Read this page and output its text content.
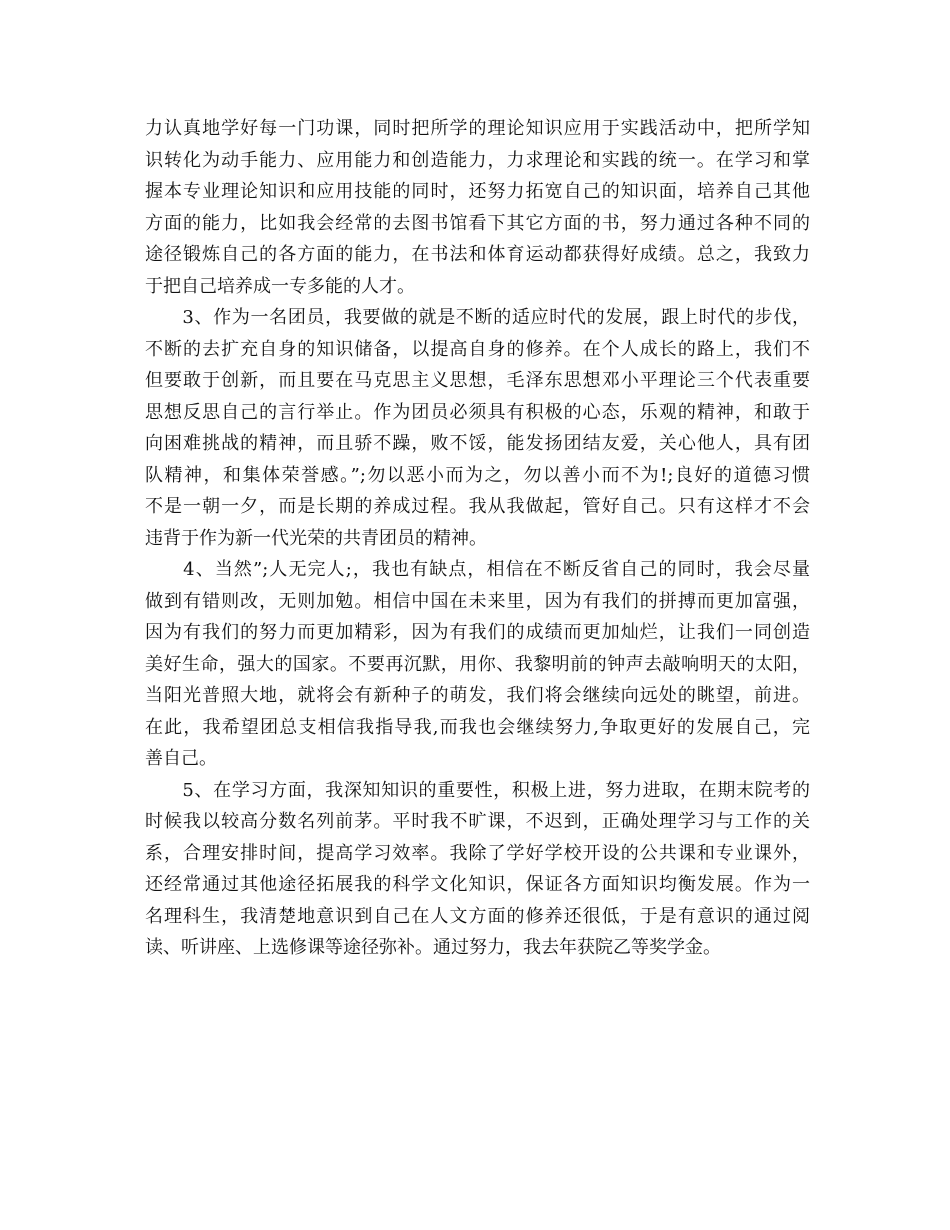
力认真地学好每一门功课，同时把所学的理论知识应用于实践活动中，把所学知
识转化为动手能力、应用能力和创造能力，力求理论和实践的统一。在学习和掌
握本专业理论知识和应用技能的同时，还努力拓宽自己的知识面，培养自己其他
方面的能力，比如我会经常的去图书馆看下其它方面的书，努力通过各种不同的
途径锻炼自己的各方面的能力，在书法和体育运动都获得好成绩。总之，我致力
于把自己培养成一专多能的人才。
　　3、作为一名团员，我要做的就是不断的适应时代的发展，跟上时代的步伐，
不断的去扩充自身的知识储备，以提高自身的修养。在个人成长的路上，我们不
但要敢于创新，而且要在马克思主义思想，毛泽东思想邓小平理论三个代表重要
思想反思自己的言行举止。作为团员必须具有积极的心态，乐观的精神，和敢于
向困难挑战的精神，而且骄不躁，败不馁，能发扬团结友爱，关心他人，具有团
队精神，和集体荣誉感。”;勿以恶小而为之，勿以善小而不为!;良好的道德习惯
不是一朝一夕，而是长期的养成过程。我从我做起，管好自己。只有这样才不会
违背于作为新一代光荣的共青团员的精神。
　　4、当然”;人无完人;，我也有缺点，相信在不断反省自己的同时，我会尽量
做到有错则改，无则加勉。相信中国在未来里，因为有我们的拼搏而更加富强，
因为有我们的努力而更加精彩，因为有我们的成绩而更加灿烂，让我们一同创造
美好生命，强大的国家。不要再沉默，用你、我黎明前的钟声去敲响明天的太阳，
当阳光普照大地，就将会有新种子的萌发，我们将会继续向远处的眺望，前进。
在此，我希望团总支相信我指导我,而我也会继续努力,争取更好的发展自己，完
善自己。
　　5、在学习方面，我深知知识的重要性，积极上进，努力进取，在期末院考的
时候我以较高分数名列前茅。平时我不旷课，不迟到，正确处理学习与工作的关
系，合理安排时间，提高学习效率。我除了学好学校开设的公共课和专业课外，
还经常通过其他途径拓展我的科学文化知识，保证各方面知识均衡发展。作为一
名理科生，我清楚地意识到自己在人文方面的修养还很低，于是有意识的通过阅
读、听讲座、上选修课等途径弥补。通过努力，我去年获院乙等奖学金。
